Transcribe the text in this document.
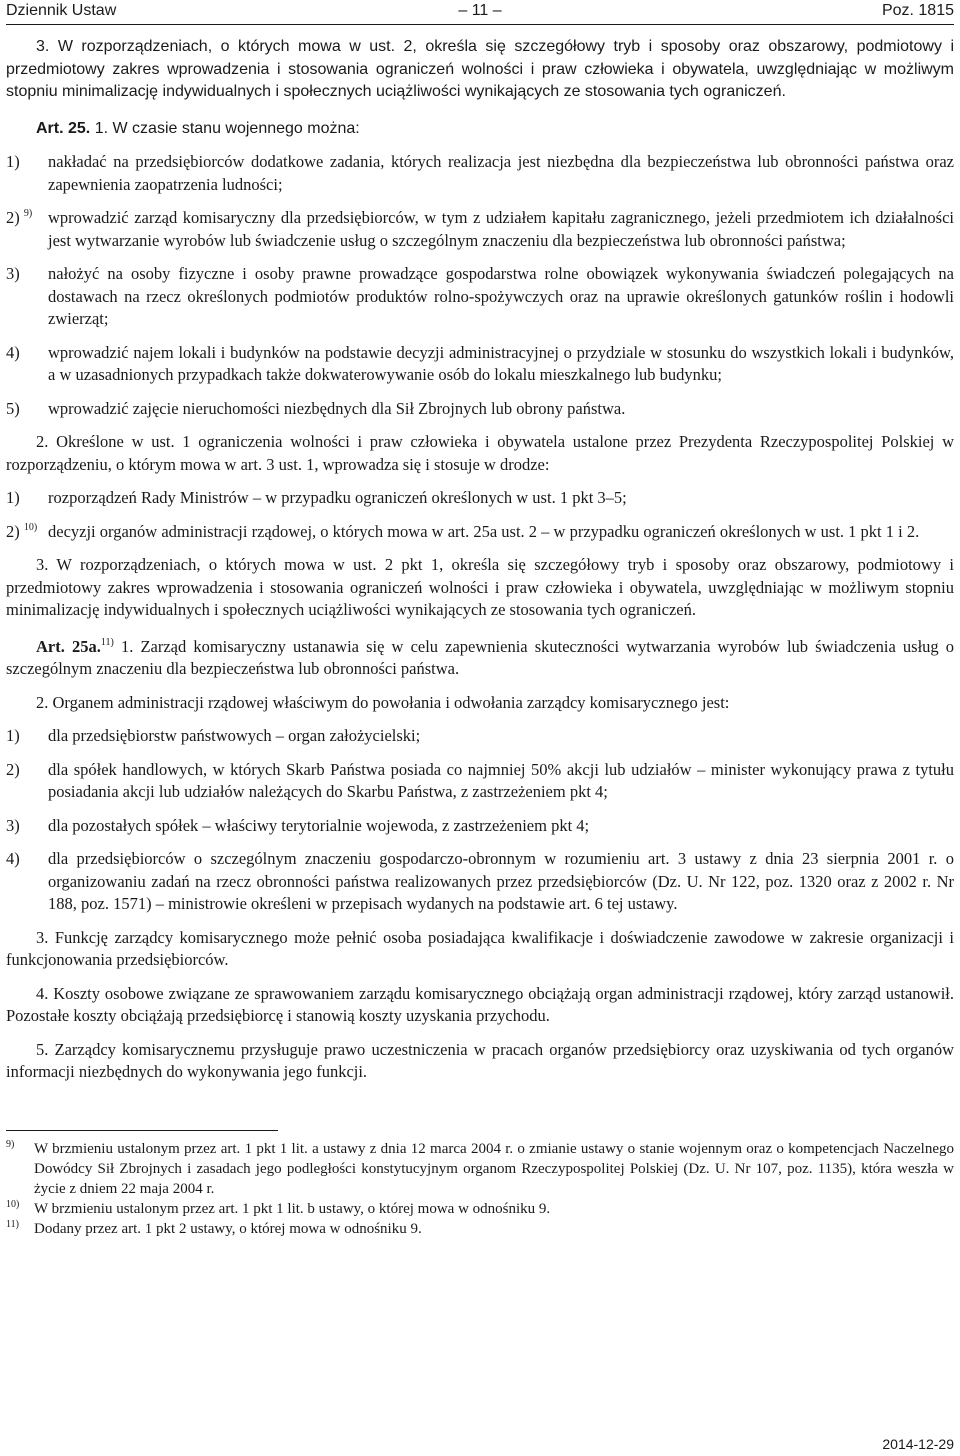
Dziennik Ustaw	– 11 –	Poz. 1815

3. W rozporządzeniach, o których mowa w ust. 2, określa się szczegółowy tryb i sposoby oraz obszarowy, podmiotowy i przedmiotowy zakres wprowadzenia i stosowania ograniczeń wolności i praw człowieka i obywatela, uwzględniając w możliwym stopniu minimalizację indywidualnych i społecznych uciążliwości wynikających ze stosowania tych ograniczeń.

Art. 25. 1. W czasie stanu wojennego można:

1) nakładać na przedsiębiorców dodatkowe zadania, których realizacja jest niezbędna dla bezpieczeństwa lub obronności państwa oraz zapewnienia zaopatrzenia ludności;
2) $^{9)}$ wprowadzić zarząd komisaryczny dla przedsiębiorców, w tym z udziałem kapitału zagranicznego, jeżeli przedmiotem ich działalności jest wytwarzanie wyrobów lub świadczenie usług o szczególnym znaczeniu dla bezpieczeństwa lub obronności państwa;
3) nałożyć na osoby fizyczne i osoby prawne prowadzące gospodarstwa rolne obowiązek wykonywania świadczeń polegających na dostawach na rzecz określonych podmiotów produktów rolno-spożywczych oraz na uprawie określonych gatunków roślin i hodowli zwierząt;
4) wprowadzić najem lokali i budynków na podstawie decyzji administracyjnej o przydziale w stosunku do wszystkich lokali i budynków, a w uzasadnionych przypadkach także dokwaterowywanie osób do lokalu mieszkalnego lub budynku;
5) wprowadzić zajęcie nieruchomości niezbędnych dla Sił Zbrojnych lub obrony państwa.

2. Określone w ust. 1 ograniczenia wolności i praw człowieka i obywatela ustalone przez Prezydenta Rzeczypospolitej Polskiej w rozporządzeniu, o którym mowa w art. 3 ust. 1, wprowadza się i stosuje w drodze:

1) rozporządzeń Rady Ministrów – w przypadku ograniczeń określonych w ust. 1 pkt 3–5;
2) $^{10)}$ decyzji organów administracji rządowej, o których mowa w art. 25a ust. 2 – w przypadku ograniczeń określonych w ust. 1 pkt 1 i 2.

3. W rozporządzeniach, o których mowa w ust. 2 pkt 1, określa się szczegółowy tryb i sposoby oraz obszarowy, podmiotowy i przedmiotowy zakres wprowadzenia i stosowania ograniczeń wolności i praw człowieka i obywatela, uwzględniając w możliwym stopniu minimalizację indywidualnych i społecznych uciążliwości wynikających ze stosowania tych ograniczeń.

Art. 25a.$^{11)}$ 1. Zarząd komisaryczny ustanawia się w celu zapewnienia skuteczności wytwarzania wyrobów lub świadczenia usług o szczególnym znaczeniu dla bezpieczeństwa lub obronności państwa.

2. Organem administracji rządowej właściwym do powołania i odwołania zarządcy komisarycznego jest:

1) dla przedsiębiorstw państwowych – organ założycielski;
2) dla spółek handlowych, w których Skarb Państwa posiada co najmniej 50% akcji lub udziałów – minister wykonujący prawa z tytułu posiadania akcji lub udziałów należących do Skarbu Państwa, z zastrzeżeniem pkt 4;
3) dla pozostałych spółek – właściwy terytorialnie wojewoda, z zastrzeżeniem pkt 4;
4) dla przedsiębiorców o szczególnym znaczeniu gospodarczo-obronnym w rozumieniu art. 3 ustawy z dnia 23 sierpnia 2001 r. o organizowaniu zadań na rzecz obronności państwa realizowanych przez przedsiębiorców (Dz. U. Nr 122, poz. 1320 oraz z 2002 r. Nr 188, poz. 1571) – ministrowie określeni w przepisach wydanych na podstawie art. 6 tej ustawy.

3. Funkcję zarządcy komisarycznego może pełnić osoba posiadająca kwalifikacje i doświadczenie zawodowe w zakresie organizacji i funkcjonowania przedsiębiorców.

4. Koszty osobowe związane ze sprawowaniem zarządu komisarycznego obciążają organ administracji rządowej, który zarząd ustanowił. Pozostałe koszty obciążają przedsiębiorcę i stanowią koszty uzyskania przychodu.

5. Zarządcy komisarycznemu przysługuje prawo uczestniczenia w pracach organów przedsiębiorcy oraz uzyskiwania od tych organów informacji niezbędnych do wykonywania jego funkcji.

9) W brzmieniu ustalonym przez art. 1 pkt 1 lit. a ustawy z dnia 12 marca 2004 r. o zmianie ustawy o stanie wojennym oraz o kompetencjach Naczelnego Dowódcy Sił Zbrojnych i zasadach jego podległości konstytucyjnym organom Rzeczypospolitej Polskiej (Dz. U. Nr 107, poz. 1135), która weszła w życie z dniem 22 maja 2004 r.
10) W brzmieniu ustalonym przez art. 1 pkt 1 lit. b ustawy, o której mowa w odnośniku 9.
11) Dodany przez art. 1 pkt 2 ustawy, o której mowa w odnośniku 9.
2014-12-29
